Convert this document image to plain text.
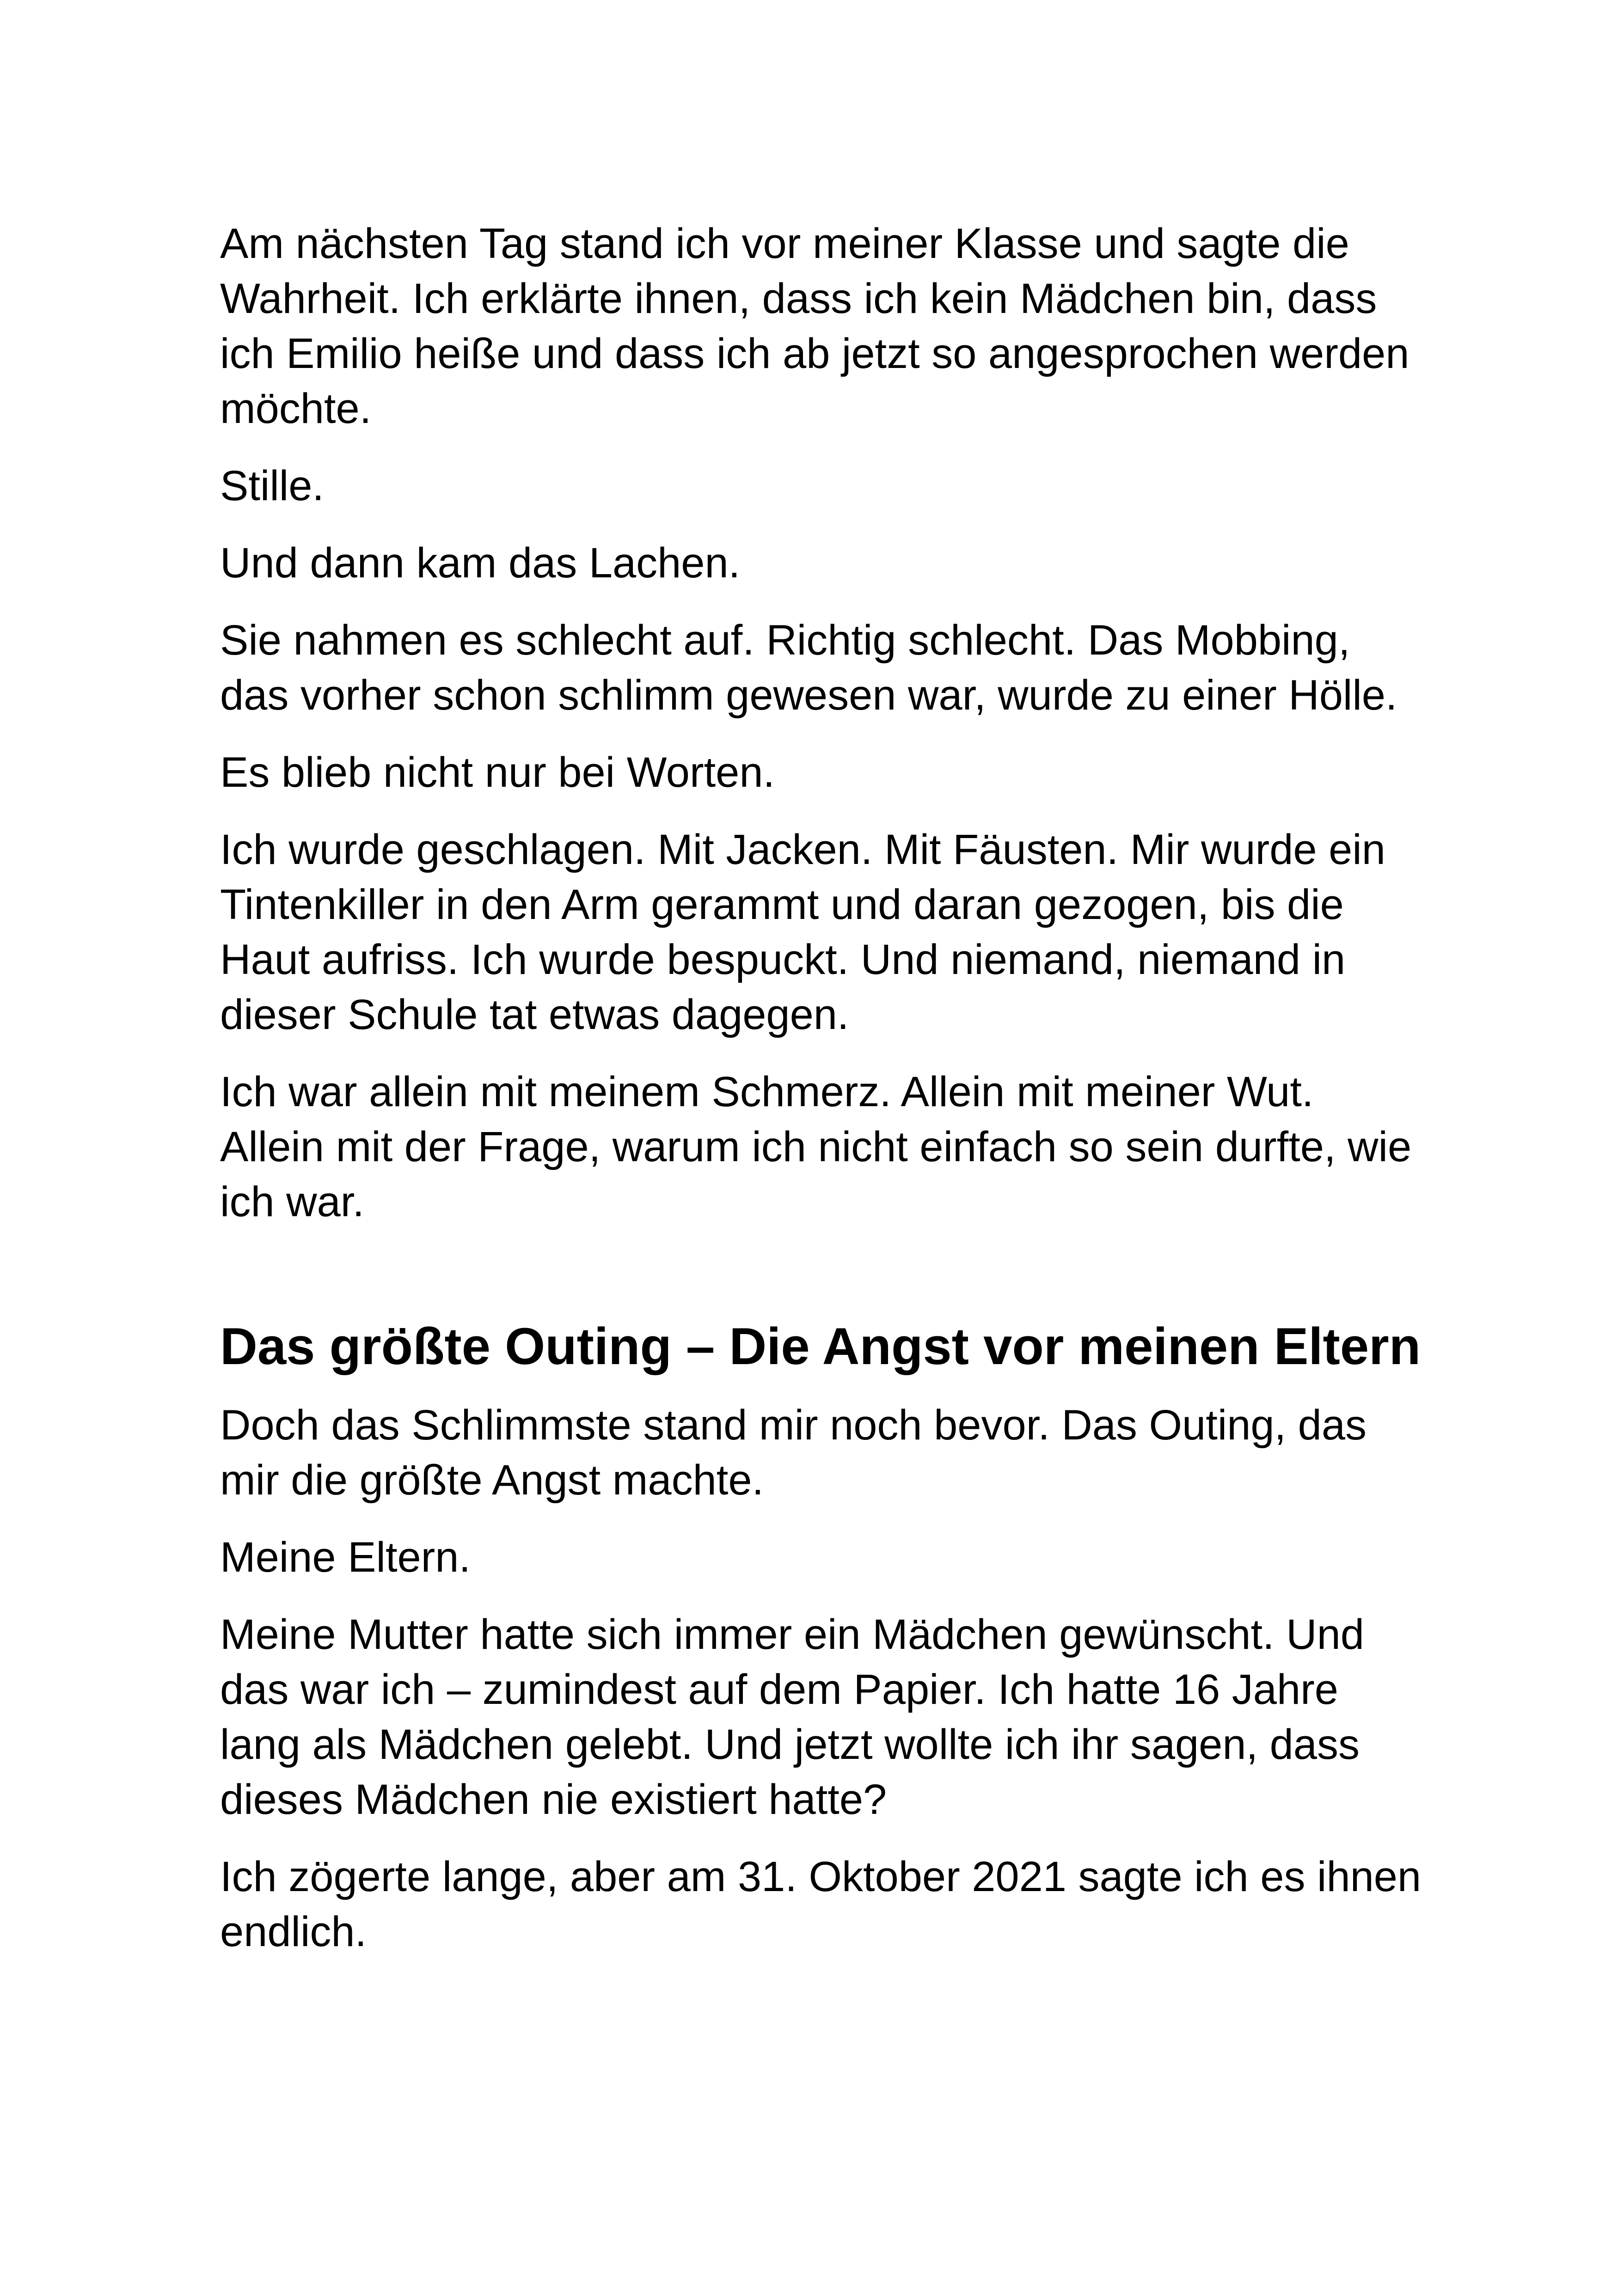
Am nächsten Tag stand ich vor meiner Klasse und sagte die Wahrheit. Ich erklärte ihnen, dass ich kein Mädchen bin, dass ich Emilio heiße und dass ich ab jetzt so angesprochen werden möchte.

Stille.

Und dann kam das Lachen.

Sie nahmen es schlecht auf. Richtig schlecht. Das Mobbing, das vorher schon schlimm gewesen war, wurde zu einer Hölle.

Es blieb nicht nur bei Worten.

Ich wurde geschlagen. Mit Jacken. Mit Fäusten. Mir wurde ein Tintenkiller in den Arm gerammt und daran gezogen, bis die Haut aufriss. Ich wurde bespuckt. Und niemand, niemand in dieser Schule tat etwas dagegen.

Ich war allein mit meinem Schmerz. Allein mit meiner Wut. Allein mit der Frage, warum ich nicht einfach so sein durfte, wie ich war.

Das größte Outing – Die Angst vor meinen Eltern

Doch das Schlimmste stand mir noch bevor. Das Outing, das mir die größte Angst machte.

Meine Eltern.

Meine Mutter hatte sich immer ein Mädchen gewünscht. Und das war ich – zumindest auf dem Papier. Ich hatte 16 Jahre lang als Mädchen gelebt. Und jetzt wollte ich ihr sagen, dass dieses Mädchen nie existiert hatte?

Ich zögerte lange, aber am 31. Oktober 2021 sagte ich es ihnen endlich.
